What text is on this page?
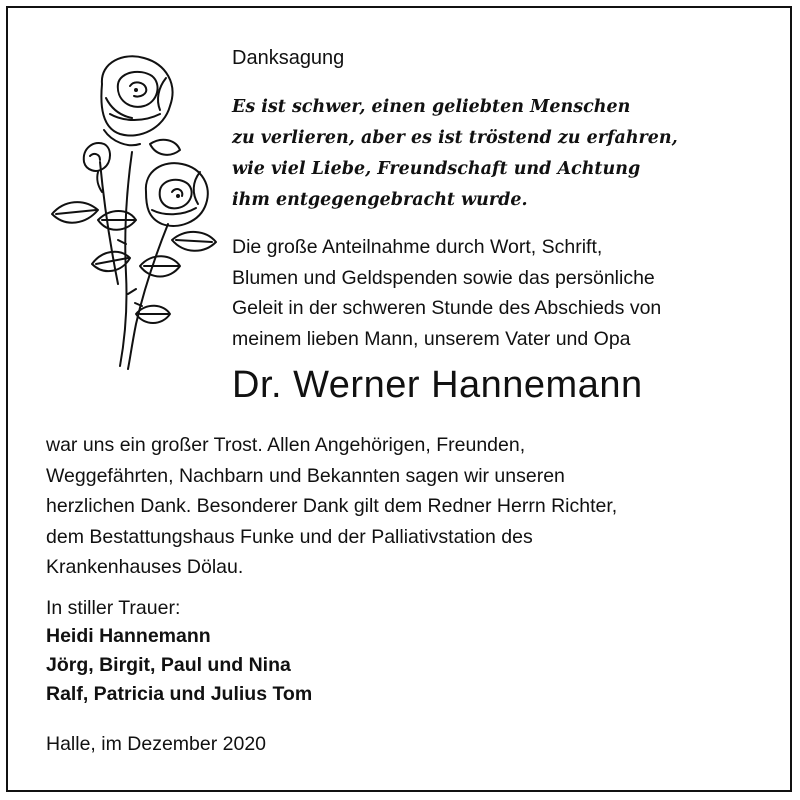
Danksagung
Es ist schwer, einen geliebten Menschen
zu verlieren, aber es ist tröstend zu erfahren,
wie viel Liebe, Freundschaft und Achtung
ihm entgegengebracht wurde.
Die große Anteilnahme durch Wort, Schrift,
Blumen und Geldspenden sowie das persönliche
Geleit in der schweren Stunde des Abschieds von
meinem lieben Mann, unserem Vater und Opa
Dr. Werner Hannemann
war uns ein großer Trost. Allen Angehörigen, Freunden,
Weggefährten, Nachbarn und Bekannten sagen wir unseren
herzlichen Dank. Besonderer Dank gilt dem Redner Herrn Richter,
dem Bestattungshaus Funke und der Palliativstation des
Krankenhauses Dölau.
In stiller Trauer:
Heidi Hannemann
Jörg, Birgit, Paul und Nina
Ralf, Patricia und Julius Tom
Halle, im Dezember 2020
